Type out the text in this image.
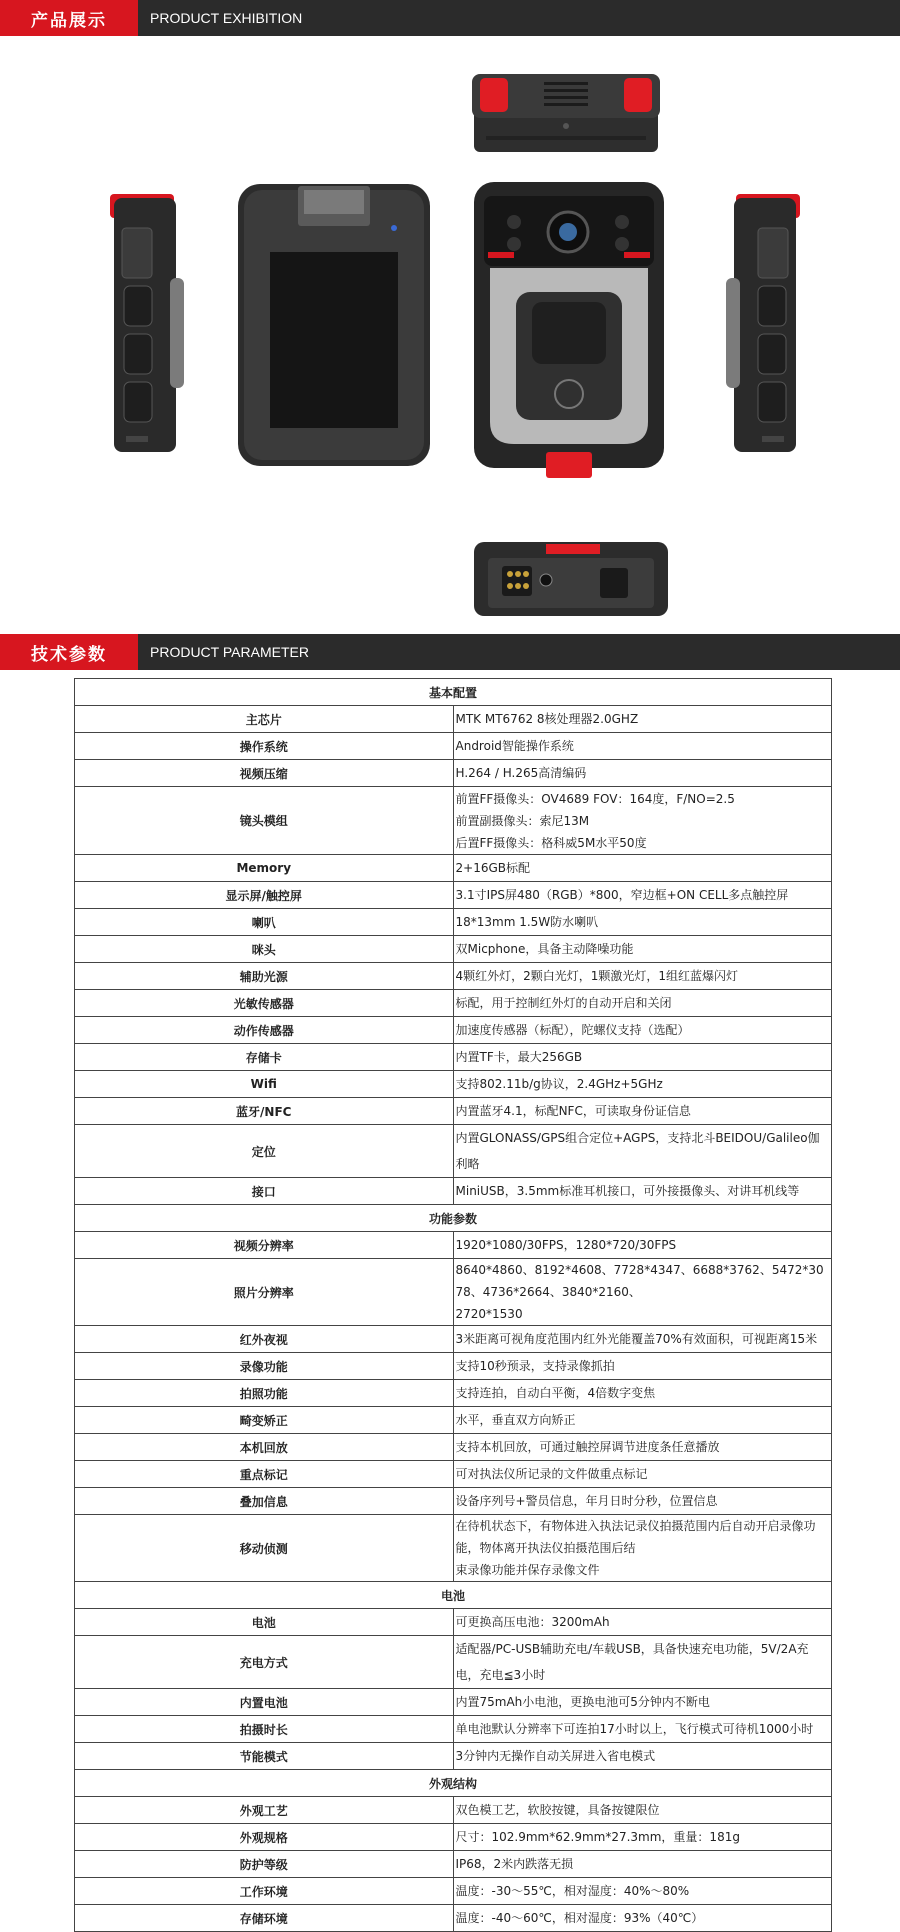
产品展示	PRODUCT EXHIBITION
技术参数	PRODUCT PARAMETER
基本配置	
主芯片	MTK MT6762 8核处理器2.0GHZ

操作系统	Android智能操作系统

视频压缩	H.264 / H.265高清编码

镜头模组	前置FF摄像头：OV4689 FOV：164度，F/NO=2.5
前置副摄像头：索尼13M
后置FF摄像头：格科威5M水平50度

Memory	2+16GB标配

显示屏/触控屏	3.1寸IPS屏480（RGB）*800，窄边框+ON CELL多点触控屏

喇叭	18*13mm 1.5W防水喇叭

咪头	双Micphone，具备主动降噪功能

辅助光源	4颗红外灯，2颗白光灯，1颗激光灯，1组红蓝爆闪灯

光敏传感器	标配，用于控制红外灯的自动开启和关闭

动作传感器	加速度传感器（标配），陀螺仪支持（选配）

存储卡	内置TF卡，最大256GB

Wifi	支持802.11b/g协议，2.4GHz+5GHz

蓝牙/NFC	内置蓝牙4.1，标配NFC，可读取身份证信息

定位	内置GLONASS/GPS组合定位+AGPS，支持北斗BEIDOU/Galileo伽利略

接口	MiniUSB，3.5mm标准耳机接口，可外接摄像头、对讲耳机线等

功能参数	
视频分辨率	1920*1080/30FPS，1280*720/30FPS

照片分辨率	8640*4860、8192*4608、7728*4347、6688*3762、5472*3078、4736*2664、3840*2160、
2720*1530

红外夜视	3米距离可视角度范围内红外光能覆盖70%有效面积，可视距离15米

录像功能	支持10秒预录，支持录像抓拍

拍照功能	支持连拍，自动白平衡，4倍数字变焦

畸变矫正	水平，垂直双方向矫正

本机回放	支持本机回放，可通过触控屏调节进度条任意播放

重点标记	可对执法仪所记录的文件做重点标记

叠加信息	设备序列号+警员信息，年月日时分秒，位置信息

移动侦测	在待机状态下，有物体进入执法记录仪拍摄范围内后自动开启录像功能，物体离开执法仪拍摄范围后结
束录像功能并保存录像文件

电池	
电池	可更换高压电池：3200mAh

充电方式	适配器/PC-USB辅助充电/车载USB，具备快速充电功能，5V/2A充电，充电≦3小时

内置电池	内置75mAh小电池，更换电池可5分钟内不断电

拍摄时长	单电池默认分辨率下可连拍17小时以上，飞行模式可待机1000小时

节能模式	3分钟内无操作自动关屏进入省电模式

外观结构	
外观工艺	双色模工艺，软胶按键，具备按键限位

外观规格	尺寸：102.9mm*62.9mm*27.3mm，重量：181g

防护等级	IP68，2米内跌落无损

工作环境	温度：-30～55℃，相对湿度：40%～80%

存储环境	温度：-40～60℃，相对湿度：93%（40℃）
